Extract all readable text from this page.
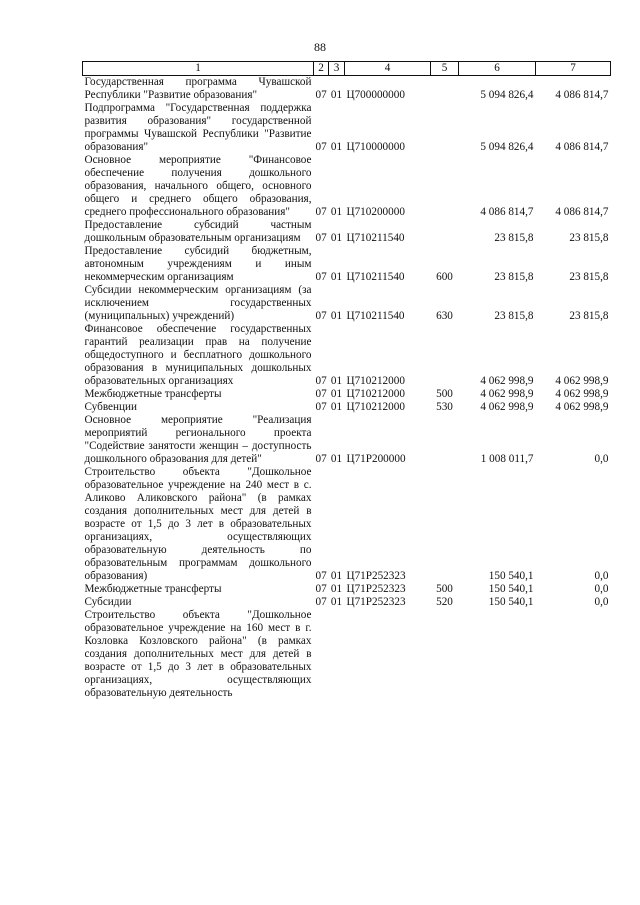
88
1	2	3	4	5	6	7
Государственная программа Чувашской Республики "Развитие образования"	07	01	Ц700000000		5 094 826,4	4 086 814,7
Подпрограмма "Государственная поддержка развития образования" государственной программы Чувашской Республики "Развитие образования"	07	01	Ц710000000		5 094 826,4	4 086 814,7
Основное мероприятие "Финансовое обеспечение получения дошкольного образования, начального общего, основного общего и среднего общего образования, среднего профессионального образования"	07	01	Ц710200000		4 086 814,7	4 086 814,7
Предоставление субсидий частным дошкольным образовательным организациям	07	01	Ц710211540		23 815,8	23 815,8
Предоставление субсидий бюджетным, автономным учреждениям и иным некоммерческим организациям	07	01	Ц710211540	600	23 815,8	23 815,8
Субсидии некоммерческим организациям (за исключением государственных (муниципальных) учреждений)	07	01	Ц710211540	630	23 815,8	23 815,8
Финансовое обеспечение государственных гарантий реализации прав на получение общедоступного и бесплатного дошкольного образования в муниципальных дошкольных образовательных организациях	07	01	Ц710212000		4 062 998,9	4 062 998,9
Межбюджетные трансферты	07	01	Ц710212000	500	4 062 998,9	4 062 998,9
Субвенции	07	01	Ц710212000	530	4 062 998,9	4 062 998,9
Основное мероприятие "Реализация мероприятий регионального проекта "Содействие занятости женщин – доступность дошкольного образования для детей"	07	01	Ц71P200000		1 008 011,7	0,0
Строительство объекта "Дошкольное образовательное учреждение на 240 мест в с. Аликово Аликовского района" (в рамках создания дополнительных мест для детей в возрасте от 1,5 до 3 лет в образовательных организациях, осуществляющих образовательную деятельность по образовательным программам дошкольного образования)	07	01	Ц71P252323		150 540,1	0,0
Межбюджетные трансферты	07	01	Ц71P252323	500	150 540,1	0,0
Субсидии	07	01	Ц71P252323	520	150 540,1	0,0
Строительство объекта "Дошкольное образовательное учреждение на 160 мест в г. Козловка Козловского района" (в рамках создания дополнительных мест для детей в возрасте от 1,5 до 3 лет в образовательных организациях, осуществляющих образовательную деятельность						
